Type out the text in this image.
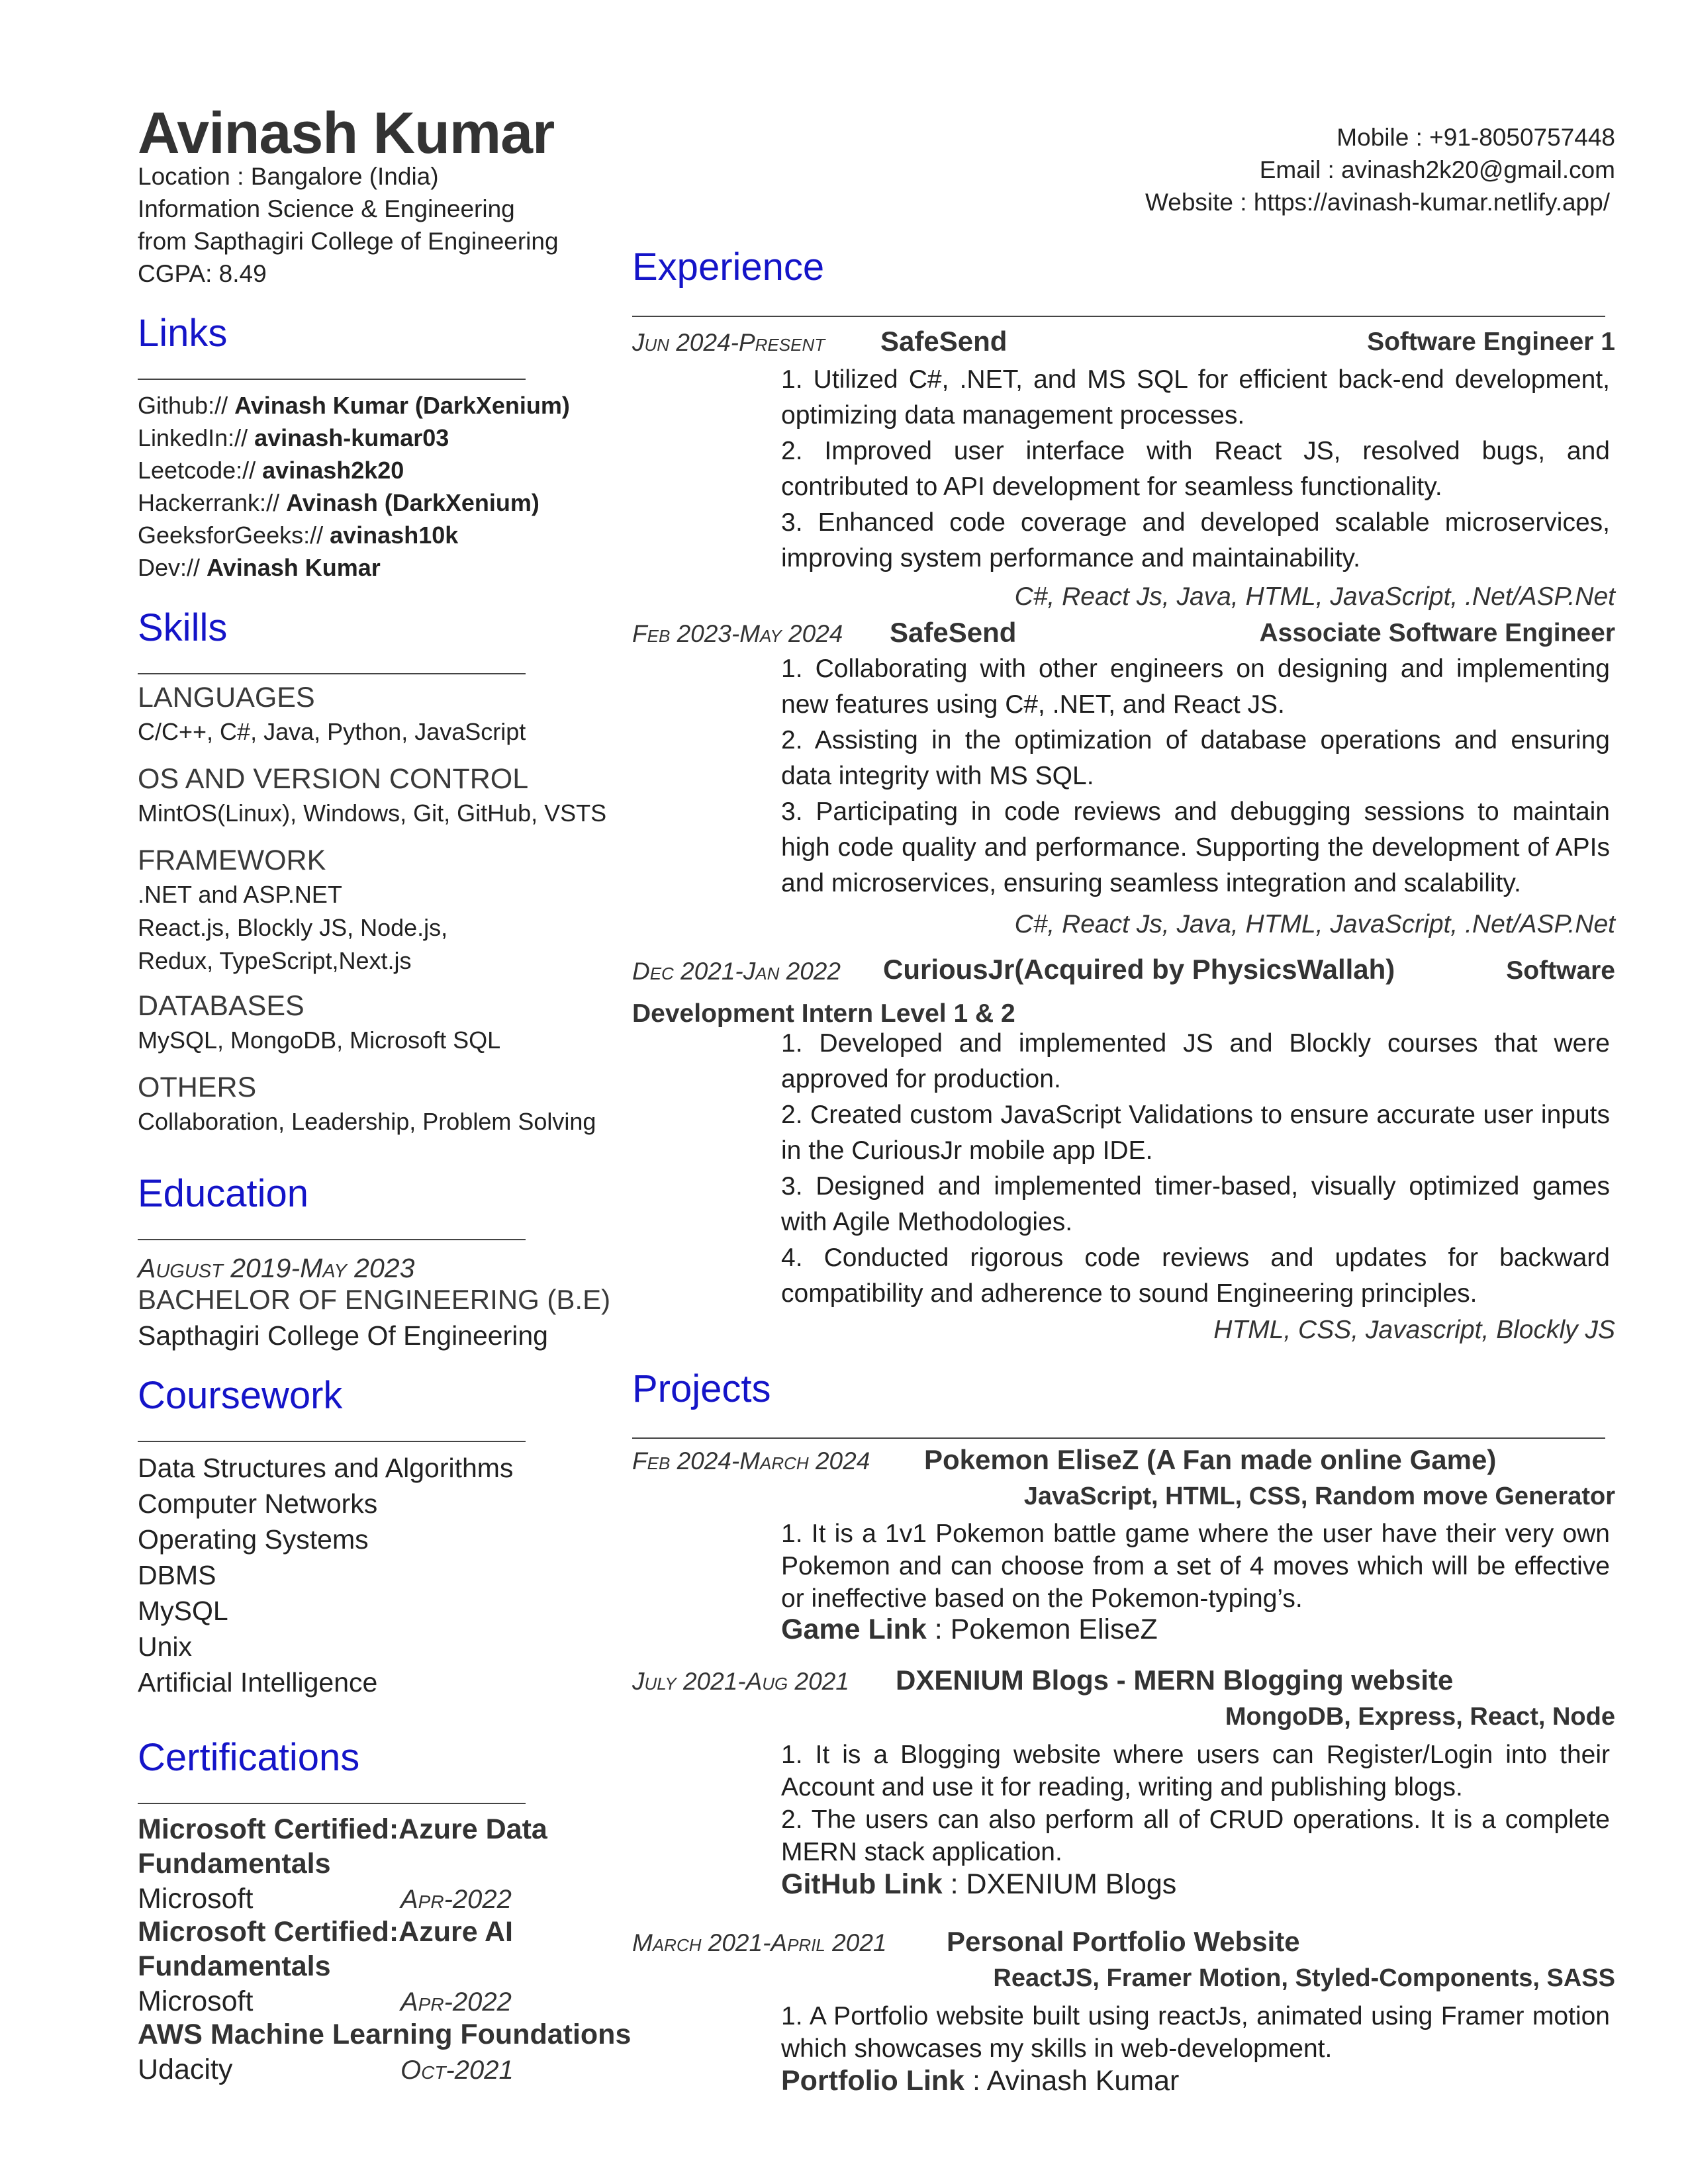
Avinash Kumar
Location : Bangalore (India)
Information Science & Engineering
from Sapthagiri College of Engineering
CGPA: 8.49
Mobile : +91-8050757448
Email : avinash2k20@gmail.com
Website : https://avinash-kumar.netlify.app/
Links
Github:// Avinash Kumar (DarkXenium)
LinkedIn:// avinash-kumar03
Leetcode:// avinash2k20
Hackerrank:// Avinash (DarkXenium)
GeeksforGeeks:// avinash10k
Dev:// Avinash Kumar
Skills
LANGUAGES
C/C++, C#, Java, Python, JavaScript
OS AND VERSION CONTROL
MintOS(Linux), Windows, Git, GitHub, VSTS
FRAMEWORK
.NET and ASP.NET
React.js, Blockly JS, Node.js,
Redux, TypeScript,Next.js
DATABASES
MySQL, MongoDB, Microsoft SQL
OTHERS
Collaboration, Leadership, Problem Solving
Education
August 2019-May 2023
BACHELOR OF ENGINEERING (B.E)
Sapthagiri College Of Engineering
Coursework
Data Structures and Algorithms
Computer Networks
Operating Systems
DBMS
MySQL
Unix
Artificial Intelligence
Certifications
Microsoft Certified:Azure Data
Fundamentals
Microsoft	Apr-2022
Microsoft Certified:Azure AI
Fundamentals
Microsoft	Apr-2022
AWS Machine Learning Foundations
Udacity	Oct-2021
Experience
Jun 2024-Present SafeSend	Software Engineer 1
1. Utilized C#, .NET, and MS SQL for efficient back-end development, optimizing data management processes.
2. Improved user interface with React JS, resolved bugs, and contributed to API development for seamless functionality.
3. Enhanced code coverage and developed scalable microservices, improving system performance and maintainability.
C#, React Js, Java, HTML, JavaScript, .Net/ASP.Net
Feb 2023-May 2024 SafeSend	Associate Software Engineer
1. Collaborating with other engineers on designing and implementing new features using C#, .NET, and React JS.
2. Assisting in the optimization of database operations and ensuring data integrity with MS SQL.
3. Participating in code reviews and debugging sessions to maintain high code quality and performance. Supporting the development of APIs and microservices, ensuring seamless integration and scalability.
C#, React Js, Java, HTML, JavaScript, .Net/ASP.Net
Dec 2021-Jan 2022 CuriousJr(Acquired by PhysicsWallah)	Software
Development Intern Level 1 & 2
1. Developed and implemented JS and Blockly courses that were approved for production.
2. Created custom JavaScript Validations to ensure accurate user inputs in the CuriousJr mobile app IDE.
3. Designed and implemented timer-based, visually optimized games with Agile Methodologies.
4. Conducted rigorous code reviews and updates for backward compatibility and adherence to sound Engineering principles.
HTML, CSS, Javascript, Blockly JS
Projects
Feb 2024-March 2024 Pokemon EliseZ (A Fan made online Game)
JavaScript, HTML, CSS, Random move Generator
1. It is a 1v1 Pokemon battle game where the user have their very own Pokemon and can choose from a set of 4 moves which will be effective or ineffective based on the Pokemon-typing’s.
Game Link : Pokemon EliseZ
July 2021-Aug 2021 DXENIUM Blogs - MERN Blogging website
MongoDB, Express, React, Node
1. It is a Blogging website where users can Register/Login into their Account and use it for reading, writing and publishing blogs.
2. The users can also perform all of CRUD operations. It is a complete MERN stack application.
GitHub Link : DXENIUM Blogs
March 2021-April 2021 Personal Portfolio Website
ReactJS, Framer Motion, Styled-Components, SASS
1. A Portfolio website built using reactJs, animated using Framer motion which showcases my skills in web-development.
Portfolio Link : Avinash Kumar
